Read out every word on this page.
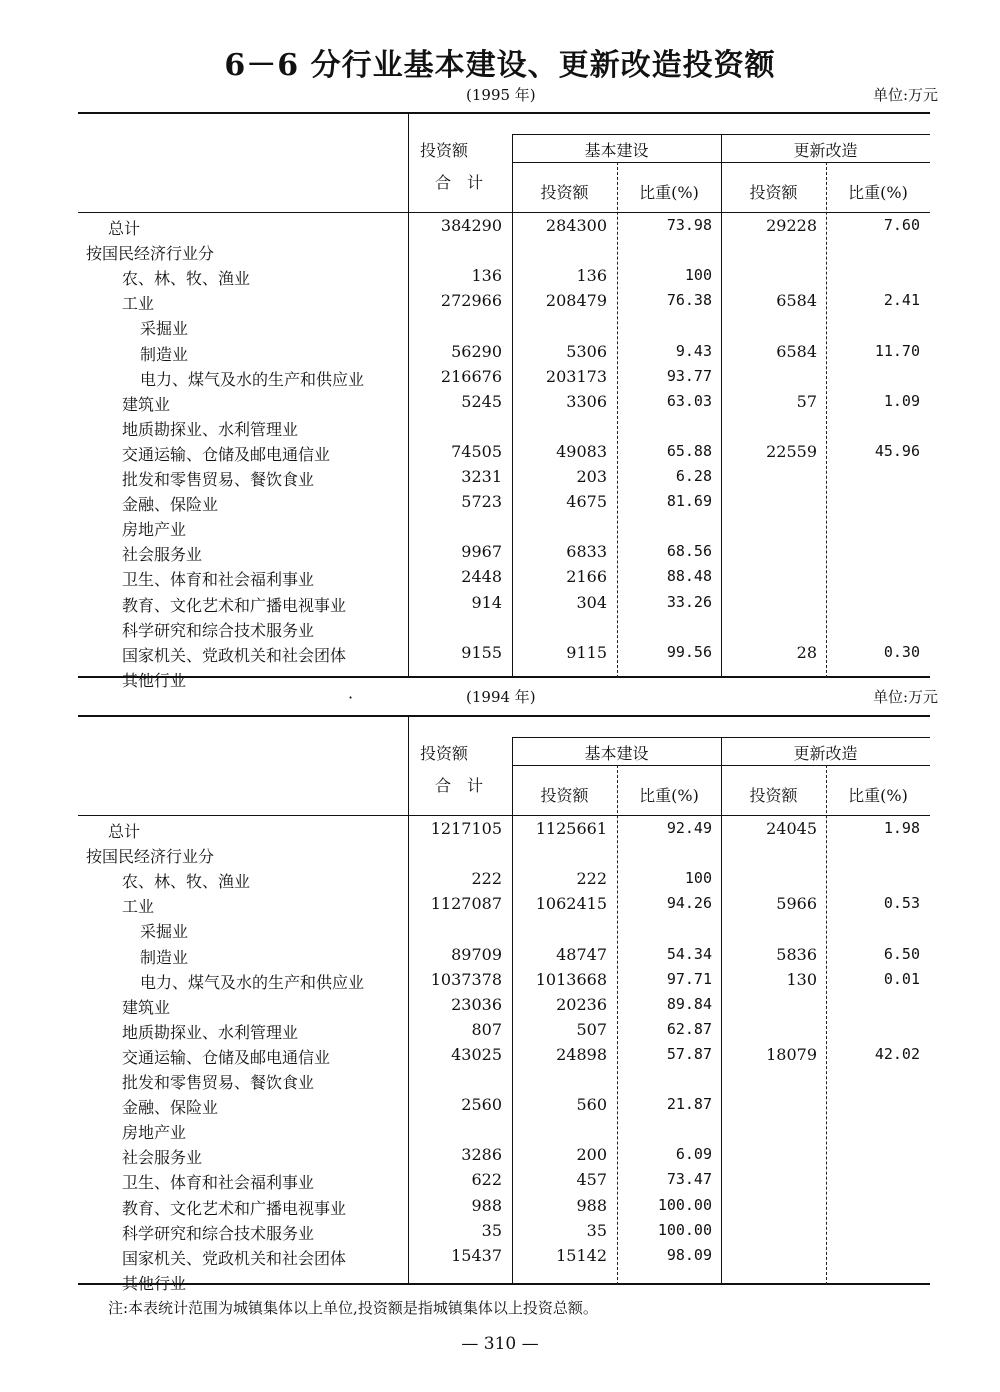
6－6 分行业基本建设、更新改造投资额
(1995 年)	单位:万元
投资额
合　计
基本建设	更新改造
投资额	比重(%)	投资额	比重(%)
总计	384290	284300	73.98	29228	7.60
按国民经济行业分
农、林、牧、渔业	136	136	100
工业	272966	208479	76.38	6584	2.41
采掘业
制造业	56290	5306	9.43	6584	11.70
电力、煤气及水的生产和供应业	216676	203173	93.77
建筑业	5245	3306	63.03	57	1.09
地质勘探业、水利管理业
交通运输、仓储及邮电通信业	74505	49083	65.88	22559	45.96
批发和零售贸易、餐饮食业	3231	203	6.28
金融、保险业	5723	4675	81.69
房地产业
社会服务业	9967	6833	68.56
卫生、体育和社会福利事业	2448	2166	88.48
教育、文化艺术和广播电视事业	914	304	33.26
科学研究和综合技术服务业
国家机关、党政机关和社会团体	9155	9115	99.56	28	0.30
其他行业
·	(1994 年)	单位:万元
投资额
合　计
基本建设	更新改造
投资额	比重(%)	投资额	比重(%)
总计	1217105 1125661	92.49	24045	1.98
按国民经济行业分
农、林、牧、渔业	222	222	100
工业	1127087 1062415	94.26	5966	0.53
采掘业
制造业	89709	48747	54.34	5836	6.50
电力、煤气及水的生产和供应业	1037378 1013668	97.71	130	0.01
建筑业	23036	20236	89.84
地质勘探业、水利管理业	807	507	62.87
交通运输、仓储及邮电通信业	43025	24898	57.87	18079	42.02
批发和零售贸易、餐饮食业
金融、保险业	2560	560	21.87
房地产业
社会服务业	3286	200	6.09
卫生、体育和社会福利事业	622	457	73.47
教育、文化艺术和广播电视事业	988	988	100.00
科学研究和综合技术服务业	35	35	100.00
国家机关、党政机关和社会团体	15437	15142	98.09
其他行业
注:本表统计范围为城镇集体以上单位,投资额是指城镇集体以上投资总额。
— 310 —
